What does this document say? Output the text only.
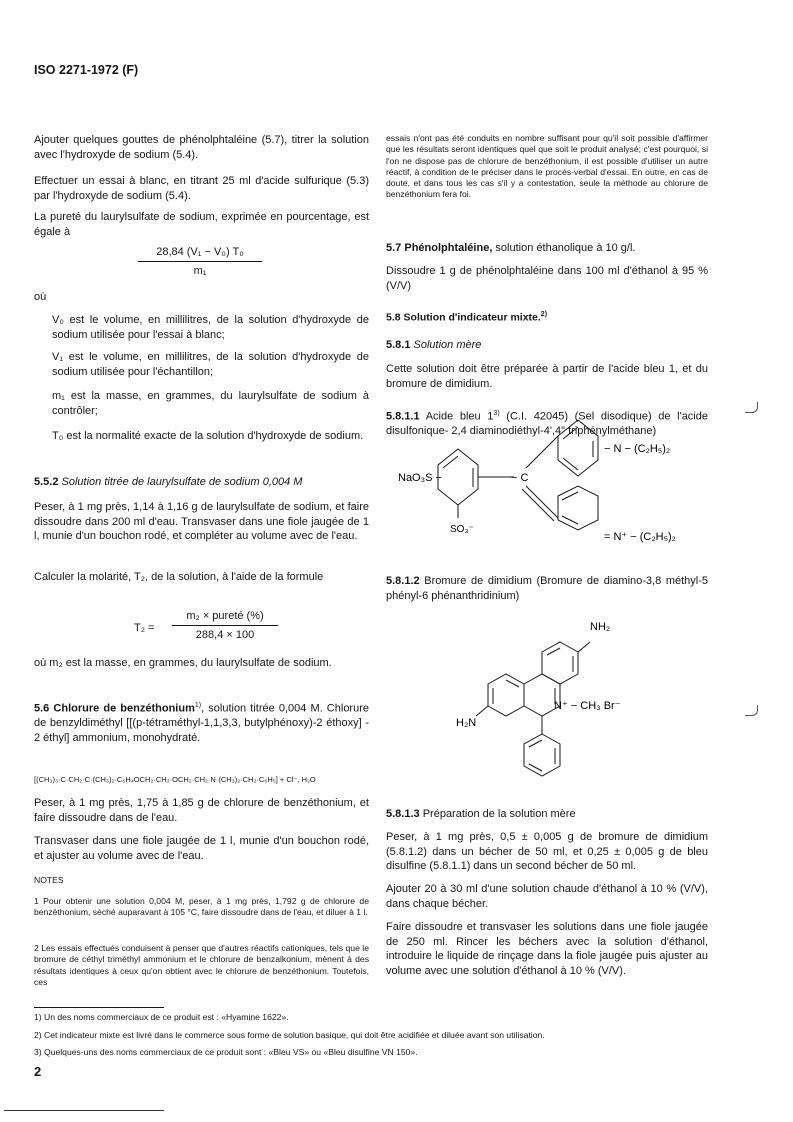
ISO 2271-1972 (F)

Ajouter quelques gouttes de phénolphtaléine (5.7), titrer la solution avec l'hydroxyde de sodium (5.4).

Effectuer un essai à blanc, en titrant 25 ml d'acide sulfurique (5.3) par l'hydroxyde de sodium (5.4).

La pureté du laurylsulfate de sodium, exprimée en pourcentage, est égale à

28,84 (V₁ − V₀) T₀
m₁

où

V₀ est le volume, en millilitres, de la solution d'hydroxyde de sodium utilisée pour l'essai à blanc;

V₁ est le volume, en millilitres, de la solution d'hydroxyde de sodium utilisée pour l'échantillon;

m₁ est la masse, en grammes, du laurylsulfate de sodium à contrôler;

T₀ est la normalité exacte de la solution d'hydroxyde de sodium.

5.5.2 Solution titrée de laurylsulfate de sodium 0,004 M

Peser, à 1 mg près, 1,14 à 1,16 g de laurylsulfate de sodium, et faire dissoudre dans 200 ml d'eau. Transvaser dans une fiole jaugée de 1 l, munie d'un bouchon rodé, et compléter au volume avec de l'eau.

Calculer la molarité, T₂, de la solution, à l'aide de la formule

T₂ =
m₂ × pureté (%)
288,4 × 100

où m₂ est la masse, en grammes, du laurylsulfate de sodium.

5.6 Chlorure de benzéthonium$^{1)}$, solution titrée 0,004 M. Chlorure de benzyldiméthyl [[(p-tétraméthyl-1,1,3,3, butylphénoxy)-2 éthoxy] - 2 éthyl] ammonium, monohydraté.

[(CH₃)₃·C·CH₂·C·(CH₃)₂·C₆H₄OCH₂·CH₂·OCH₂·CH₂·N·(CH₃)₂·CH₂·C₆H₅] + Cl⁻, H₂O

Peser, à 1 mg près, 1,75 à 1,85 g de chlorure de benzéthonium, et faire dissoudre dans de l'eau.

Transvaser dans une fiole jaugée de 1 l, munie d'un bouchon rodé, et ajuster au volume avec de l'eau.

NOTES

1 Pour obtenir une solution 0,004 M, peser, à 1 mg près, 1,792 g de chlorure de benzéthonium, séché auparavant à 105 °C, faire dissoudre dans de l'eau, et diluer à 1 l.

2 Les essais effectués conduisent à penser que d'autres réactifs cationiques, tels que le bromure de céthyl triméthyl ammonium et le chlorure de benzalkonium, mènent à des résultats identiques à ceux qu'on obtient avec le chlorure de benzéthonium. Toutefois, ces

essais n'ont pas été conduits en nombre suffisant pour qu'il soit possible d'affirmer que les résultats seront identiques quel que soit le produit analysé; c'est pourquoi, si l'on ne dispose pas de chlorure de benzéthonium, il est possible d'utiliser un autre réactif, à condition de le préciser dans le procès-verbal d'essai. En outre, en cas de doute, et dans tous les cas s'il y a contestation, seule la méthode au chlorure de benzéthonium fera foi.

5.7 Phénolphtaléine, solution éthanolique à 10 g/l.

Dissoudre 1 g de phénolphtaléine dans 100 ml d'éthanol à 95 % (V/V)

5.8 Solution d'indicateur mixte.$^{2)}$

5.8.1 Solution mère

Cette solution doit être préparée à partir de l'acide bleu 1, et du bromure de dimidium.

5.8.1.1 Acide bleu 1$^{3)}$ (C.I. 42045) (Sel disodique) de l'acide disulfonique- 2,4 diaminodiéthyl-4',4" triphénylméthane)

NaO₃S −	− C
− N − (C₂H₅)₂
= N⁺ − (C₂H₅)₂
SO₃⁻
5.8.1.2 Bromure de dimidium (Bromure de diamino-3,8 méthyl-5 phényl-6 phénanthridinium)
NH₂
H₂N
N⁺ − CH₃ Br⁻

5.8.1.3 Préparation de la solution mère

Peser, à 1 mg près, 0,5 ± 0,005 g de bromure de dimidium (5.8.1.2) dans un bécher de 50 ml, et 0,25 ± 0,005 g de bleu disulfine (5.8.1.1) dans un second bécher de 50 ml.

Ajouter 20 à 30 ml d'une solution chaude d'éthanol à 10 % (V/V), dans chaque bécher.

Faire dissoudre et transvaser les solutions dans une fiole jaugée de 250 ml. Rincer les béchers avec la solution d'éthanol, introduire le liquide de rinçage dans la fiole jaugée puis ajuster au volume avec une solution d'éthanol à 10 % (V/V).

1) Un des noms commerciaux de ce produit est : «Hyamine 1622».

2) Cet indicateur mixte est livré dans le commerce sous forme de solution basique, qui doit être acidifiée et diluée avant son utilisation.

3) Quelques-uns des noms commerciaux de ce produit sont : «Bleu VS» ou «Bleu disulfine VN 150».

2
